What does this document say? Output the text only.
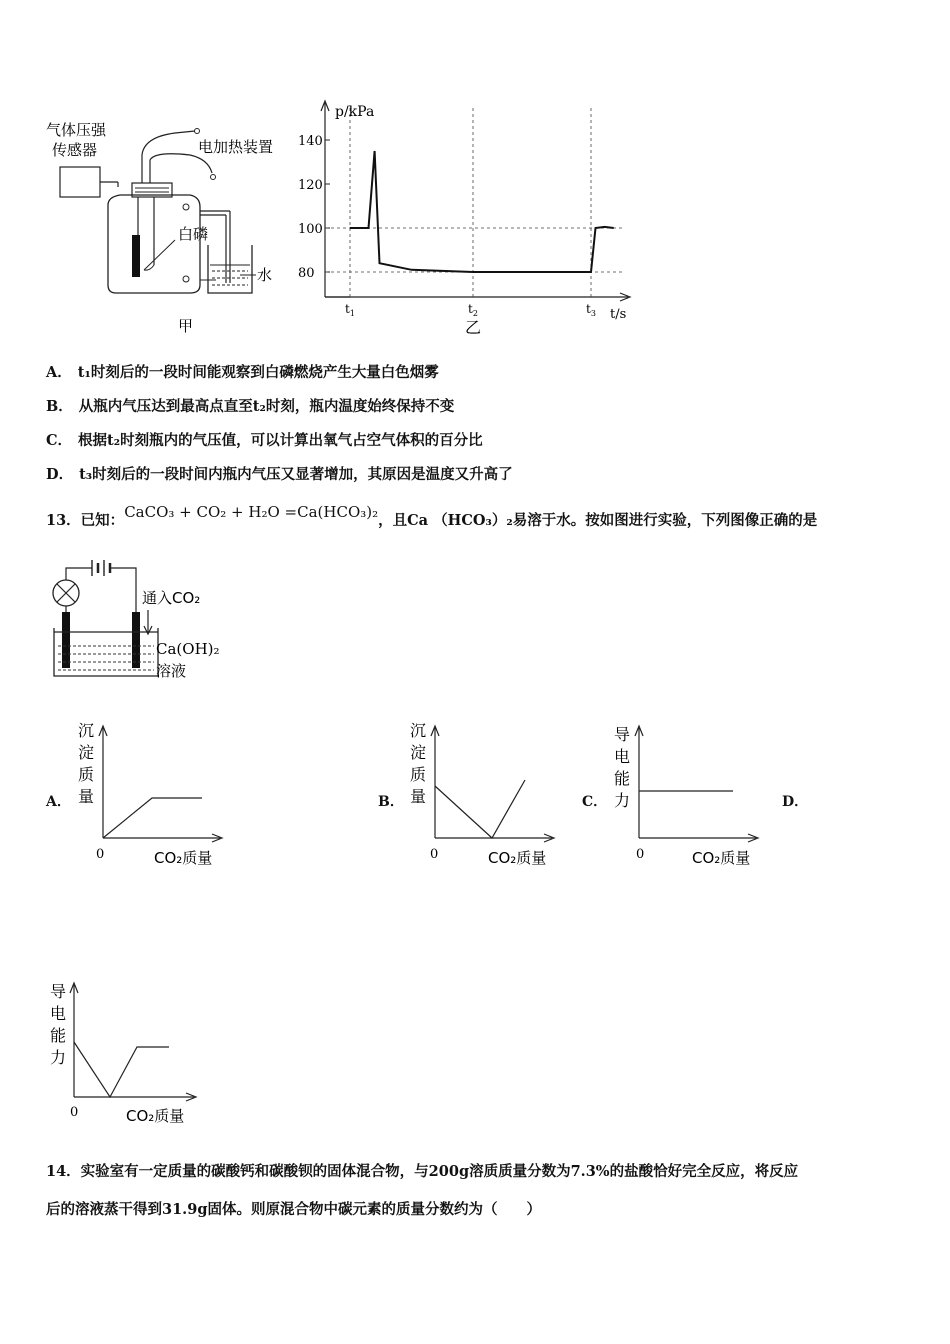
气体压强
传感器	电加热装置
白磷
水
甲
80
100
120
140
$t_1$	$t_2$	$t_3$
p/kPa
t/s
乙
A． t₁时刻后的一段时间能观察到白磷燃烧产生大量白色烟雾
B． 从瓶内气压达到最高点直至t₂时刻，瓶内温度始终保持不变
C． 根据t₂时刻瓶内的气压值，可以计算出氧气占空气体积的百分比
D． t₃时刻后的一段时间内瓶内气压又显著增加，其原因是温度又升高了
13．已知：CaCO₃ + CO₂ + H₂O =Ca(HCO₃)₂，且Ca （HCO₃）₂易溶于水。按如图进行实验，下列图像正确的是
通入CO₂
Ca(OH)₂
溶液
A．	B．	C．	D．
沉
淀
质
量
0	CO₂质量
沉
淀
质
量
0	CO₂质量
导
电
能
力
0	CO₂质量
导
电
能
力
0	CO₂质量
14．实验室有一定质量的碳酸钙和碳酸钡的固体混合物，与200g溶质质量分数为7.3%的盐酸恰好完全反应，将反应
后的溶液蒸干得到31.9g固体。则原混合物中碳元素的质量分数约为（　　）
